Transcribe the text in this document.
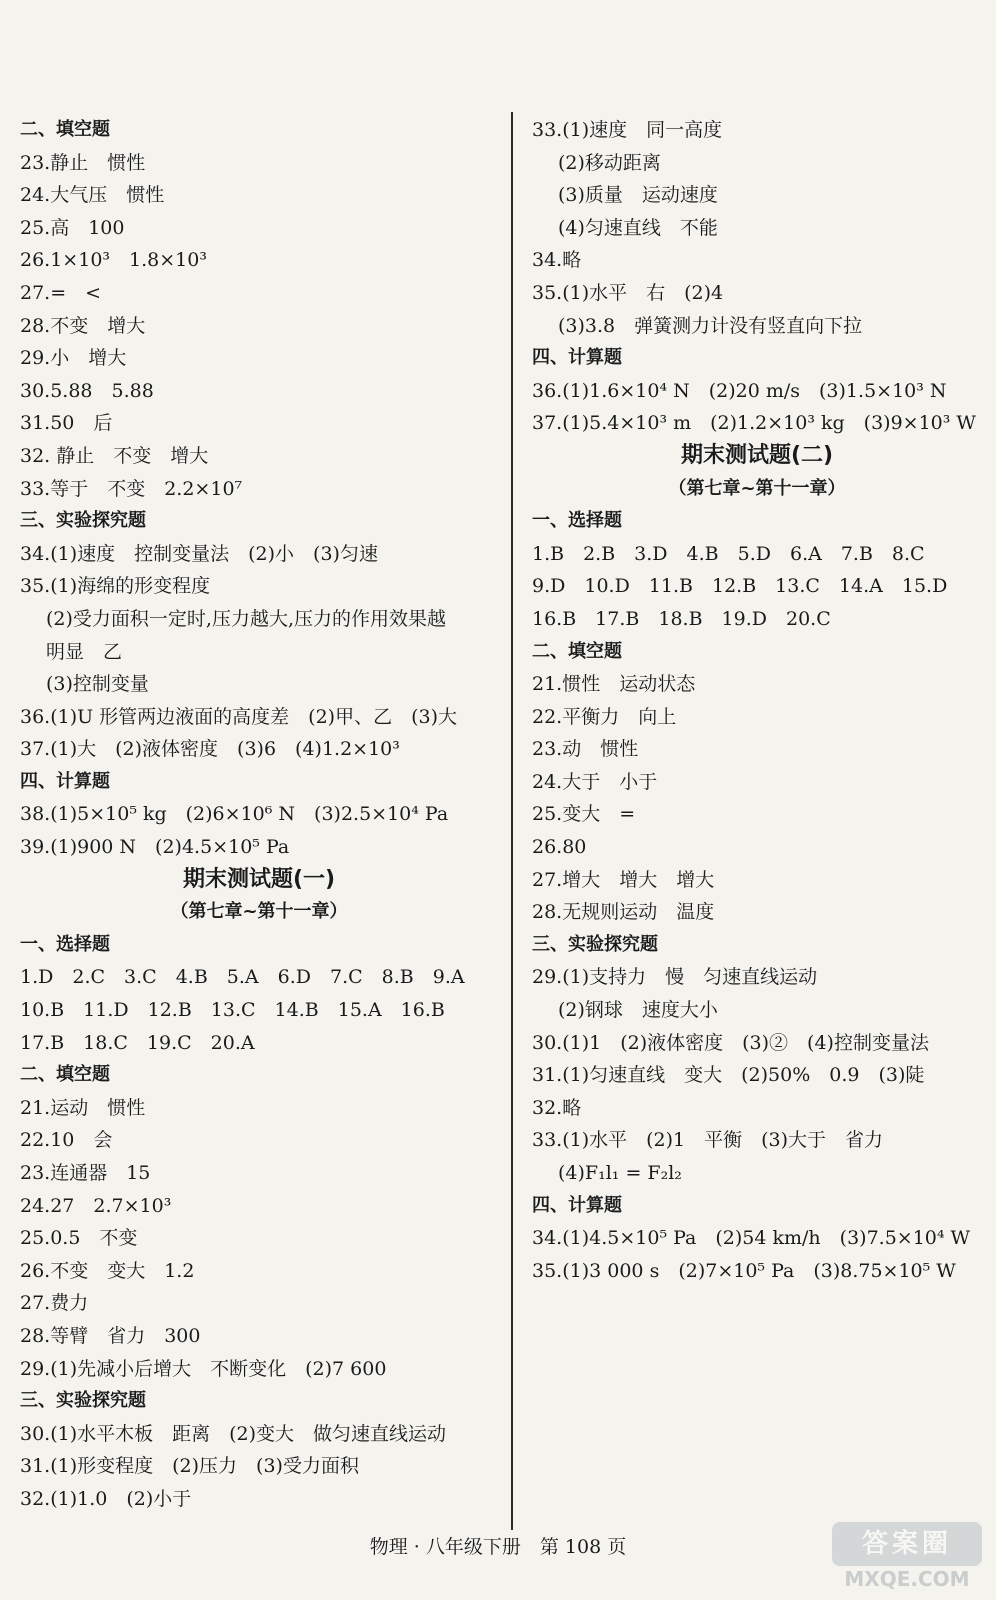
二、填空题
23.静止　惯性
24.大气压　惯性
25.高　100
26.1×10³　1.8×10³
27.=　<
28.不变　增大
29.小　增大
30.5.88　5.88
31.50　后
32. 静止　不变　增大
33.等于　不变　2.2×10⁷
三、实验探究题
34.(1)速度　控制变量法　(2)小　(3)匀速
35.(1)海绵的形变程度
(2)受力面积一定时,压力越大,压力的作用效果越
明显　乙
(3)控制变量
36.(1)U 形管两边液面的高度差　(2)甲、乙　(3)大
37.(1)大　(2)液体密度　(3)6　(4)1.2×10³
四、计算题
38.(1)5×10⁵ kg　(2)6×10⁶ N　(3)2.5×10⁴ Pa
39.(1)900 N　(2)4.5×10⁵ Pa
期末测试题(一)
（第七章~第十一章）
一、选择题
1.D　2.C　3.C　4.B　5.A　6.D　7.C　8.B　9.A
10.B　11.D　12.B　13.C　14.B　15.A　16.B
17.B　18.C　19.C　20.A
二、填空题
21.运动　惯性
22.10　会
23.连通器　15
24.27　2.7×10³
25.0.5　不变
26.不变　变大　1.2
27.费力
28.等臂　省力　300
29.(1)先减小后增大　不断变化　(2)7 600
三、实验探究题
30.(1)水平木板　距离　(2)变大　做匀速直线运动
31.(1)形变程度　(2)压力　(3)受力面积
32.(1)1.0　(2)小于
33.(1)速度　同一高度
(2)移动距离
(3)质量　运动速度
(4)匀速直线　不能
34.略
35.(1)水平　右　(2)4
(3)3.8　弹簧测力计没有竖直向下拉
四、计算题
36.(1)1.6×10⁴ N　(2)20 m/s　(3)1.5×10³ N
37.(1)5.4×10³ m　(2)1.2×10³ kg　(3)9×10³ W
期末测试题(二)
（第七章~第十一章）
一、选择题
1.B　2.B　3.D　4.B　5.D　6.A　7.B　8.C
9.D　10.D　11.B　12.B　13.C　14.A　15.D
16.B　17.B　18.B　19.D　20.C
二、填空题
21.惯性　运动状态
22.平衡力　向上
23.动　惯性
24.大于　小于
25.变大　=
26.80
27.增大　增大　增大
28.无规则运动　温度
三、实验探究题
29.(1)支持力　慢　匀速直线运动
(2)钢球　速度大小
30.(1)1　(2)液体密度　(3)②　(4)控制变量法
31.(1)匀速直线　变大　(2)50%　0.9　(3)陡
32.略
33.(1)水平　(2)1　平衡　(3)大于　省力
(4)F₁l₁ = F₂l₂
四、计算题
34.(1)4.5×10⁵ Pa　(2)54 km/h　(3)7.5×10⁴ W
35.(1)3 000 s　(2)7×10⁵ Pa　(3)8.75×10⁵ W
物理 · 八年级下册　第 108 页	答案圈
MXQE.COM
